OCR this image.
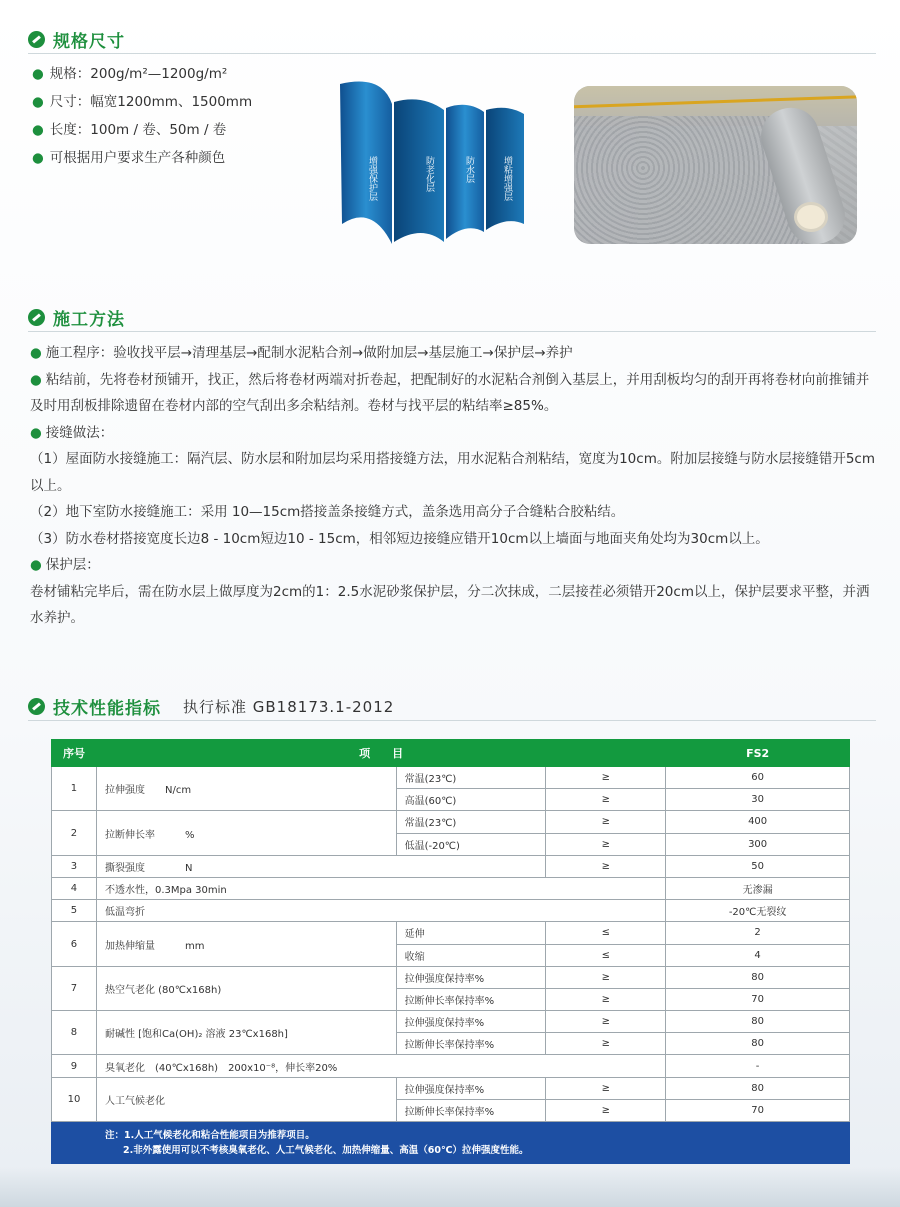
规格尺寸
● 规格：200g/m²—1200g/m²
● 尺寸：幅宽1200mm、1500mm
● 长度：100m / 卷、50m / 卷
● 可根据用户要求生产各种颜色	增强保护层	防老化层	防水层	增粘增强层
施工方法
● 施工程序：验收找平层→清理基层→配制水泥粘合剂→做附加层→基层施工→保护层→养护
● 粘结前，先将卷材预铺开，找正，然后将卷材两端对折卷起，把配制好的水泥粘合剂倒入基层上，并用刮板均匀的刮开再将卷材向前推铺并及时用刮板排除遗留在卷材内部的空气刮出多余粘结剂。卷材与找平层的粘结率≥85%。
● 接缝做法：
（1）屋面防水接缝施工：隔汽层、防水层和附加层均采用搭接缝方法，用水泥粘合剂粘结，宽度为10cm。附加层接缝与防水层接缝错开5cm以上。
（2）地下室防水接缝施工：采用 10—15cm搭接盖条接缝方式，盖条选用高分子合缝粘合胶粘结。
（3）防水卷材搭接宽度长边8 - 10cm短边10 - 15cm，相邻短边接缝应错开10cm以上墙面与地面夹角处均为30cm以上。
● 保护层：
卷材铺粘完毕后，需在防水层上做厚度为2cm的1：2.5水泥砂浆保护层，分二次抹成，二层接茬必须错开20cm以上，保护层要求平整，并洒水养护。
技术性能指标 执行标准 GB18173.1-2012
序号	项　　目			FS2
1	拉伸强度　　N/cm	常温(23℃)	≥	60
		高温(60℃)	≥	30
2	拉断伸长率　　　%	常温(23℃)	≥	400
		低温(-20℃)	≥	300
3	撕裂强度　　　　N		≥	50
4	不透水性，0.3Mpa 30min			无渗漏
5	低温弯折			-20℃无裂纹
6	加热伸缩量　　　mm	延伸	≤	2
		收缩	≤	4
7	热空气老化 (80℃x168h)	拉伸强度保持率%	≥	80
		拉断伸长率保持率%	≥	70
8	耐碱性 [饱和Ca(OH)₂ 溶液 23℃x168h]	拉伸强度保持率%	≥	80
		拉断伸长率保持率%	≥	80
9	臭氧老化　(40℃x168h)　200x10⁻⁸，伸长率20%			-
10	人工气候老化	拉伸强度保持率%	≥	80
		拉断伸长率保持率%	≥	70
注：1.人工气候老化和粘合性能项目为推荐项目。
2.非外露使用可以不考核臭氧老化、人工气候老化、加热伸缩量、高温（60℃）拉伸强度性能。
